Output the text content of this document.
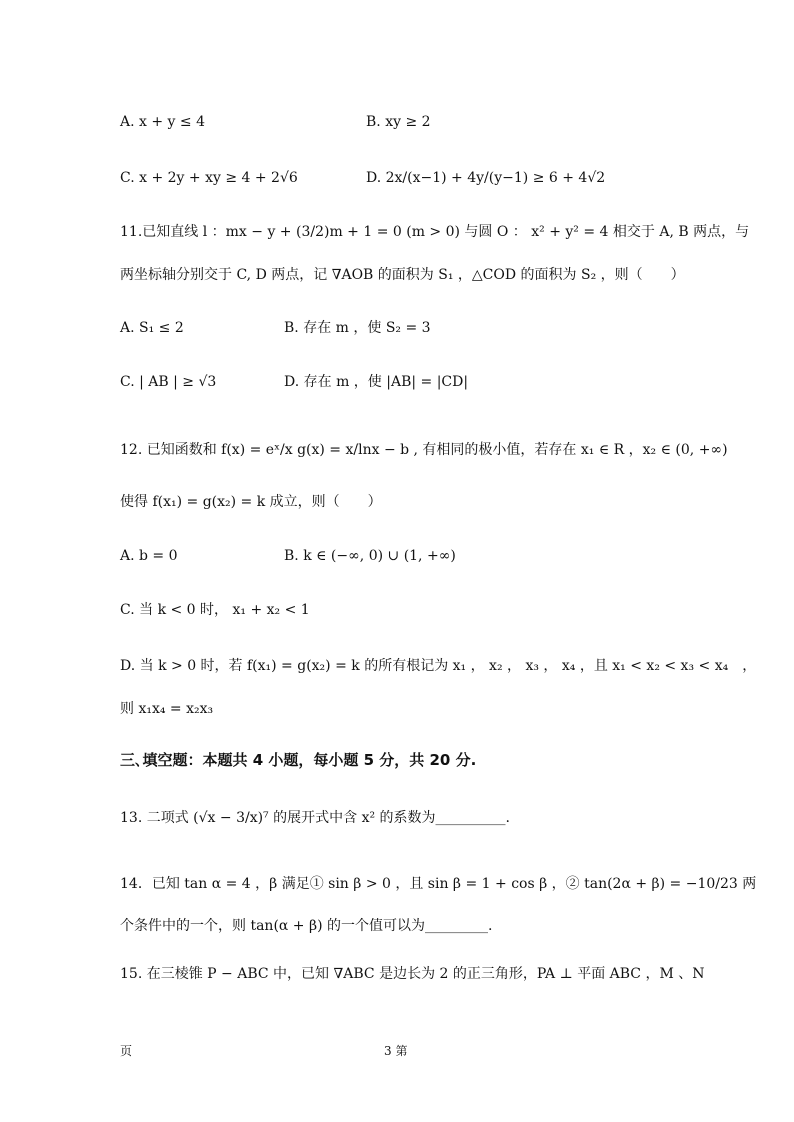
A. x + y ≤ 4	B. xy ≥ 2
C. x + 2y + xy ≥ 4 + 2√6	D. 2x/(x−1) + 4y/(y−1) ≥ 6 + 4√2
11.已知直线 l ：mx − y + (3/2)m + 1 = 0 (m > 0) 与圆 O ： x² + y² = 4 相交于 A, B 两点，与
两坐标轴分别交于 C, D 两点，记 ∇AOB 的面积为 S₁ ，△COD 的面积为 S₂ ，则（　　）
A. S₁ ≤ 2	B. 存在 m ，使 S₂ = 3
C. | AB | ≥ √3	D. 存在 m ，使 |AB| = |CD|
12. 已知函数和 f(x) = eˣ/x g(x) = x/lnx − b , 有相同的极小值，若存在 x₁ ∈ R ，x₂ ∈ (0, +∞)
使得 f(x₁) = g(x₂) = k 成立，则（　　）
A. b = 0	B. k ∈ (−∞, 0) ∪ (1, +∞)
C. 当 k < 0 时， x₁ + x₂ < 1
D. 当 k > 0 时，若 f(x₁) = g(x₂) = k 的所有根记为 x₁ ， x₂ ， x₃ ， x₄ ，且 x₁ < x₂ < x₃ < x₄　，
则 x₁x₄ = x₂x₃
三､填空题：本题共 4 小题，每小题 5 分，共 20 分.
13. 二项式 (√x − 3/x)⁷ 的展开式中含 x² 的系数为__________.
14．已知 tan α = 4 ，β 满足① sin β > 0 ，且 sin β = 1 + cos β ，② tan(2α + β) = −10/23 两
个条件中的一个，则 tan(α + β) 的一个值可以为_________.
15. 在三棱锥 P − ABC 中，已知 ∇ABC 是边长为 2 的正三角形，PA ⊥ 平面 ABC ，M 、N
页	3 第
